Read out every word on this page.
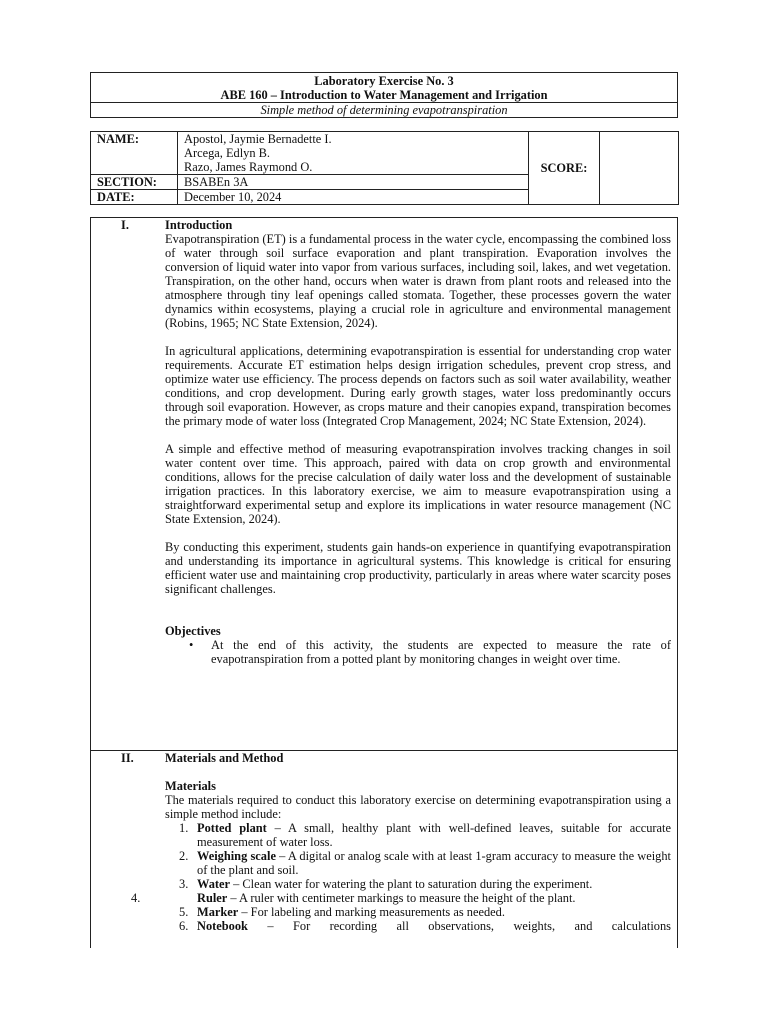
Laboratory Exercise No. 3
ABE 160 – Introduction to Water Management and Irrigation

Simple method of determining evapotranspiration
NAME:	Apostol, Jaymie Bernadette I.
Arcega, Edlyn B.
Razo, James Raymond O.	SCORE:	
SECTION:	BSABEn 3A		
DATE:	December 10, 2024		
I.	Introduction

Evapotranspiration (ET) is a fundamental process in the water cycle, encompassing the combined loss of water through soil surface evaporation and plant transpiration. Evaporation involves the conversion of liquid water into vapor from various surfaces, including soil, lakes, and wet vegetation. Transpiration, on the other hand, occurs when water is drawn from plant roots and released into the atmosphere through tiny leaf openings called stomata. Together, these processes govern the water dynamics within ecosystems, playing a crucial role in agriculture and environmental management (Robins, 1965; NC State Extension, 2024).

In agricultural applications, determining evapotranspiration is essential for understanding crop water requirements. Accurate ET estimation helps design irrigation schedules, prevent crop stress, and optimize water use efficiency. The process depends on factors such as soil water availability, weather conditions, and crop development. During early growth stages, water loss predominantly occurs through soil evaporation. However, as crops mature and their canopies expand, transpiration becomes the primary mode of water loss (Integrated Crop Management, 2024; NC State Extension, 2024).

A simple and effective method of measuring evapotranspiration involves tracking changes in soil water content over time. This approach, paired with data on crop growth and environmental conditions, allows for the precise calculation of daily water loss and the development of sustainable irrigation practices. In this laboratory exercise, we aim to measure evapotranspiration using a straightforward experimental setup and explore its implications in water resource management (NC State Extension, 2024).

By conducting this experiment, students gain hands-on experience in quantifying evapotranspiration and understanding its importance in agricultural systems. This knowledge is critical for ensuring efficient water use and maintaining crop productivity, particularly in areas where water scarcity poses significant challenges.

Objectives
• At the end of this activity, the students are expected to measure the rate of evapotranspiration from a potted plant by monitoring changes in weight over time.
II.	Materials and Method
Materials

The materials required to conduct this laboratory exercise on determining evapotranspiration using a simple method include:

1. Potted plant – A small, healthy plant with well-defined leaves, suitable for accurate measurement of water loss.
2. Weighing scale – A digital or analog scale with at least 1-gram accuracy to measure the weight of the plant and soil.
3. Water – Clean water for watering the plant to saturation during the experiment.
4.	Ruler – A ruler with centimeter markings to measure the height of the plant.
5. Marker – For labeling and marking measurements as needed.
6. Notebook – For recording all observations, weights, and calculations
